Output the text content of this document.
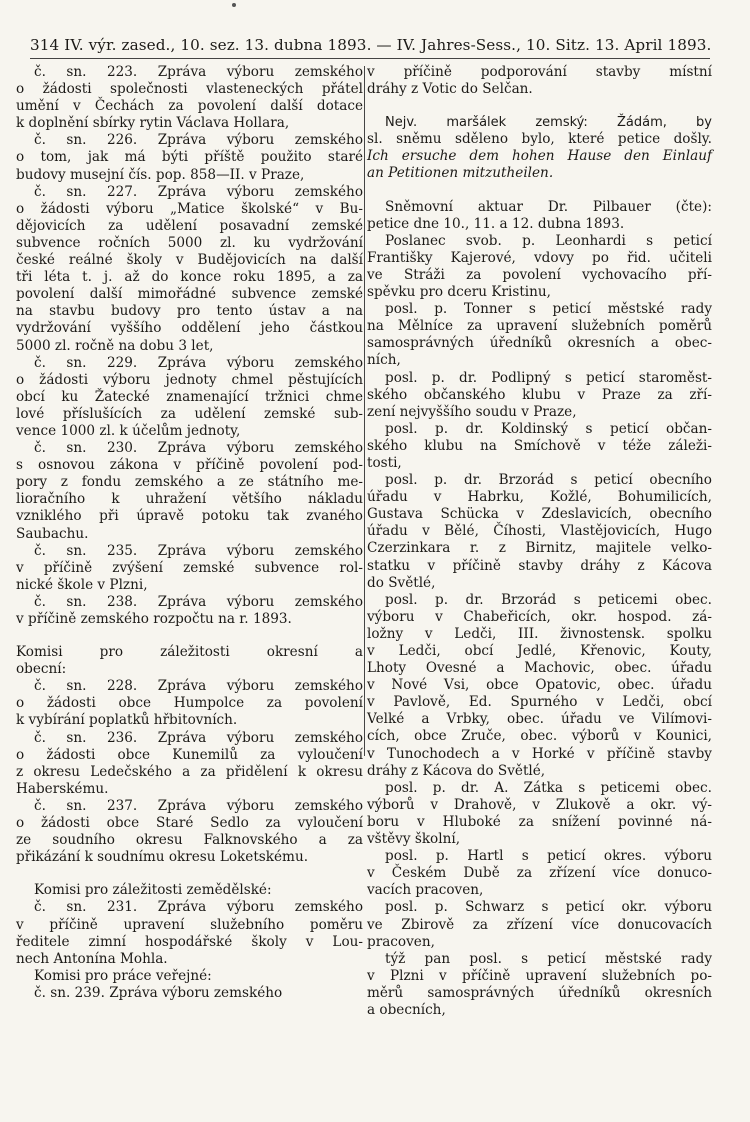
314 IV. výr. zased., 10. sez. 13. dubna 1893. — IV. Jahres-Sess., 10. Sitz. 13. April 1893.
č. sn. 223. Zpráva výboru zemského
o žádosti společnosti vlasteneckých přátel
umění v Čechách za povolení další dotace
k doplnění sbírky rytin Václava Hollara,
č. sn. 226. Zpráva výboru zemského
o tom, jak má býti příště použito staré
budovy musejní čís. pop. 858—II. v Praze,
č. sn. 227. Zpráva výboru zemského
o žádosti výboru „Matice školské“ v Bu-
dějovicích za udělení posavadní zemské
subvence ročních 5000 zl. ku vydržování
české reálné školy v Budějovicích na další
tři léta t. j. až do konce roku 1895, a za
povolení další mimořádné subvence zemské
na stavbu budovy pro tento ústav a na
vydržování vyššího oddělení jeho částkou
5000 zl. ročně na dobu 3 let,
č. sn. 229. Zpráva výboru zemského
o žádosti výboru jednoty chmel pěstujících
obcí ku Žatecké znamenající tržnici chme
lové příslušících za udělení zemské sub-
vence 1000 zl. k účelům jednoty,
č. sn. 230. Zpráva výboru zemského
s osnovou zákona v příčině povolení pod-
pory z fondu zemského a ze státního me-
lioračního k uhražení většího nákladu
vzniklého při úpravě potoku tak zvaného
Saubachu.
č. sn. 235. Zpráva výboru zemského
v příčině zvýšení zemské subvence rol-
nické škole v Plzni,
č. sn. 238. Zpráva výboru zemského
v příčině zemského rozpočtu na r. 1893.
Komisi pro záležitosti okresní a
obecní:
č. sn. 228. Zpráva výboru zemského
o žádosti obce Humpolce za povolení
k vybírání poplatků hřbitovních.
č. sn. 236. Zpráva výboru zemského
o žádosti obce Kunemilů za vyloučení
z okresu Ledečského a za přidělení k okresu
Haberskému.
č. sn. 237. Zpráva výboru zemského
o žádosti obce Staré Sedlo za vyloučení
ze soudního okresu Falknovského a za
přikázání k soudnímu okresu Loketskému.
Komisi pro záležitosti zemědělské:
č. sn. 231. Zpráva výboru zemského
v příčině upravení služebního poměru
ředitele zimní hospodářské školy v Lou-
nech Antonína Mohla.
Komisi pro práce veřejné:
č. sn. 239. Zpráva výboru zemského
v příčině podporování stavby místní
dráhy z Votic do Selčan.
Nejv. maršálek zemský: Žádám, by
sl. sněmu sděleno bylo, které petice došly.
Ich ersuche dem hohen Hause den Einlauf
an Petitionen mitzutheilen.
Sněmovní aktuar Dr. Pilbauer (čte):
petice dne 10., 11. a 12. dubna 1893.
Poslanec svob. p. Leonhardi s peticí
Františky Kajerové, vdovy po řid. učiteli
ve Stráži za povolení vychovacího pří-
spěvku pro dceru Kristinu,
posl. p. Tonner s peticí městské rady
na Mělníce za upravení služebních poměrů
samosprávných úředníků okresních a obec-
ních,
posl. p. dr. Podlipný s peticí staroměst-
ského občanského klubu v Praze za zří-
zení nejvyššího soudu v Praze,
posl. p. dr. Koldinský s peticí občan-
ského klubu na Smíchově v téže záleži-
tosti,
posl. p. dr. Brzorád s peticí obecního
úřadu v Habrku, Kožlé, Bohumilicích,
Gustava Schücka v Zdeslavicích, obecního
úřadu v Bělé, Číhosti, Vlastějovicích, Hugo
Czerzinkara r. z Birnitz, majitele velko-
statku v příčině stavby dráhy z Kácova
do Světlé,
posl. p. dr. Brzorád s peticemi obec.
výboru v Chabeřicích, okr. hospod. zá-
ložny v Ledči, III. živnostensk. spolku
v Ledči, obcí Jedlé, Křenovic, Kouty,
Lhoty Ovesné a Machovic, obec. úřadu
v Nové Vsi, obce Opatovic, obec. úřadu
v Pavlově, Ed. Spurného v Ledči, obcí
Velké a Vrbky, obec. úřadu ve Vilímovi-
cích, obce Zruče, obec. výborů v Kounici,
v Tunochodech a v Horké v příčině stavby
dráhy z Kácova do Světlé,
posl. p. dr. A. Zátka s peticemi obec.
výborů v Drahově, v Zlukově a okr. vý-
boru v Hluboké za snížení povinné ná-
vštěvy školní,
posl. p. Hartl s peticí okres. výboru
v Českém Dubě za zřízení více donuco-
vacích pracoven,
posl. p. Schwarz s peticí okr. výboru
ve Zbirově za zřízení více donucovacích
pracoven,
týž pan posl. s peticí městské rady
v Plzni v příčině upravení služebních po-
měrů samosprávných úředníků okresních
a obecních,
